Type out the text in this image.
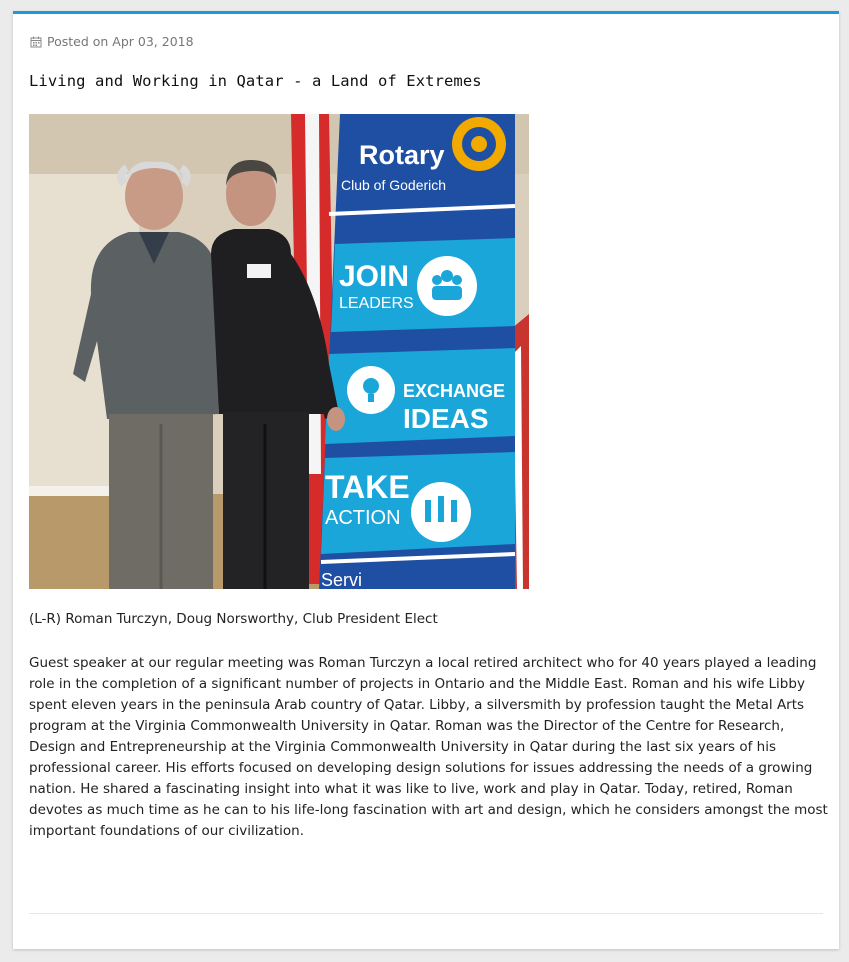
Posted on Apr 03, 2018
Living and Working in Qatar - a Land of Extremes
Rotary
Club of Goderich
JOIN
LEADERS
EXCHANGE
IDEAS
TAKE
ACTION
Servi

(L-R) Roman Turczyn, Doug Norsworthy, Club President Elect

Guest speaker at our regular meeting was Roman Turczyn a local retired architect who for 40 years played a leading role in the completion of a significant number of projects in Ontario and the Middle East. Roman and his wife Libby spent eleven years in the peninsula Arab country of Qatar. Libby, a silversmith by profession taught the Metal Arts program at the Virginia Commonwealth University in Qatar. Roman was the Director of the Centre for Research, Design and Entrepreneurship at the Virginia Commonwealth University in Qatar during the last six years of his professional career. His efforts focused on developing design solutions for issues addressing the needs of a growing nation. He shared a fascinating insight into what it was like to live, work and play in Qatar. Today, retired, Roman devotes as much time as he can to his life-long fascination with art and design, which he considers amongst the most important foundations of our civilization.
